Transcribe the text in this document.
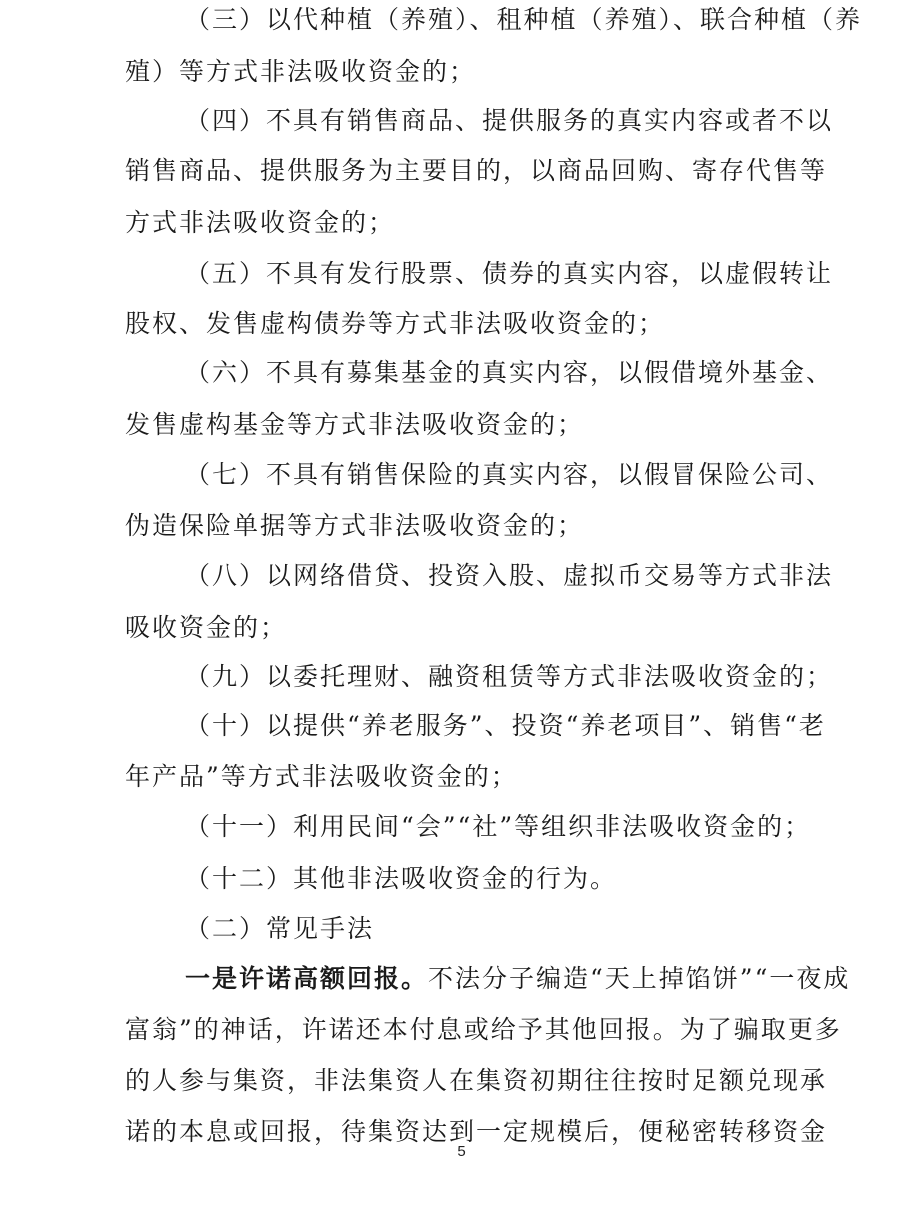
（三）以代种植（养殖）、租种植（养殖）、联合种植（养
殖）等方式非法吸收资金的；
（四）不具有销售商品、提供服务的真实内容或者不以
销售商品、提供服务为主要目的，以商品回购、寄存代售等
方式非法吸收资金的；
（五）不具有发行股票、债券的真实内容，以虚假转让
股权、发售虚构债券等方式非法吸收资金的；
（六）不具有募集基金的真实内容，以假借境外基金、
发售虚构基金等方式非法吸收资金的；
（七）不具有销售保险的真实内容，以假冒保险公司、
伪造保险单据等方式非法吸收资金的；
（八）以网络借贷、投资入股、虚拟币交易等方式非法
吸收资金的；
（九）以委托理财、融资租赁等方式非法吸收资金的；
（十）以提供“养老服务”、投资“养老项目”、销售“老
年产品”等方式非法吸收资金的；
（十一）利用民间“会”“社”等组织非法吸收资金的；
（十二）其他非法吸收资金的行为。
（二）常见手法
一是许诺高额回报。不法分子编造“天上掉馅饼”“一夜成
富翁”的神话，许诺还本付息或给予其他回报。为了骗取更多
的人参与集资，非法集资人在集资初期往往按时足额兑现承
诺的本息或回报，待集资达到一定规模后，便秘密转移资金
5
